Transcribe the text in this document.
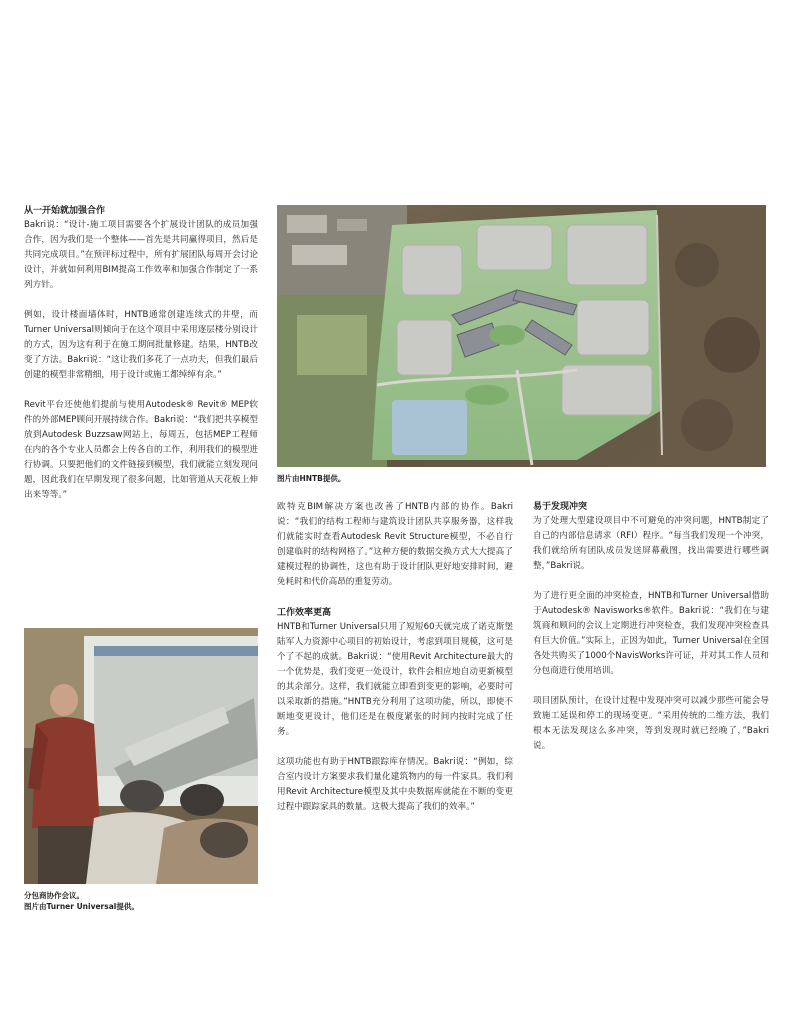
从一开始就加强合作

Bakri说：“设计-施工项目需要各个扩展设计团队的成员加强合作，因为我们是一个整体——首先是共同赢得项目，然后是共同完成项目。”在预评标过程中，所有扩展团队每周开会讨论设计，并就如何利用BIM提高工作效率和加强合作制定了一系列方针。

例如，设计楼面墙体时，HNTB通常创建连续式的井壁，而Turner Universal则倾向于在这个项目中采用逐层楼分别设计的方式，因为这有利于在施工期间批量修建。结果，HNTB改变了方法。Bakri说：“这让我们多花了一点功夫，但我们最后创建的模型非常精细，用于设计或施工都绰绰有余。”

Revit平台还使他们提前与使用Autodesk® Revit® MEP软件的外部MEP顾问开展持续合作。Bakri说：“我们把共享模型放到Autodesk Buzzsaw网站上，每周五，包括MEP工程师在内的各个专业人员都会上传各自的工作，利用我们的模型进行协调。只要把他们的文件链接到模型，我们就能立刻发现问题，因此我们在早期发现了很多问题，比如管道从天花板上伸出来等等。”

图片由HNTB提供。

分包商协作会议。

图片由Turner Universal提供。

欧特克BIM解决方案也改善了HNTB内部的协作。Bakri说：“我们的结构工程师与建筑设计团队共享服务器，这样我们就能实时查看Autodesk Revit Structure模型，不必自行创建临时的结构网格了。”这种方便的数据交换方式大大提高了建模过程的协调性，这也有助于设计团队更好地安排时间，避免耗时和代价高昂的重复劳动。

工作效率更高

HNTB和Turner Universal只用了短短60天就完成了诺克斯堡陆军人力资源中心项目的初始设计，考虑到项目规模，这可是个了不起的成就。Bakri说：“使用Revit Architecture最大的一个优势是，我们变更一处设计，软件会相应地自动更新模型的其余部分。这样，我们就能立即看到变更的影响，必要时可以采取新的措施。”HNTB充分利用了这项功能，所以，即使不断地变更设计，他们还是在极度紧张的时间内按时完成了任务。

这项功能也有助于HNTB跟踪库存情况。Bakri说：“例如，综合室内设计方案要求我们量化建筑物内的每一件家具。我们利用Revit Architecture模型及其中央数据库就能在不断的变更过程中跟踪家具的数量。这极大提高了我们的效率。”

易于发现冲突

为了处理大型建设项目中不可避免的冲突问题，HNTB制定了自己的内部信息请求（RFI）程序。“每当我们发现一个冲突，我们就给所有团队成员发送屏幕截图，找出需要进行哪些调整，”Bakri说。

为了进行更全面的冲突检查，HNTB和Turner Universal借助于Autodesk® Navisworks®软件。Bakri说：“我们在与建筑商和顾问的会议上定期进行冲突检查，我们发现冲突检查具有巨大价值。”实际上，正因为如此，Turner Universal在全国各处共购买了1000个NavisWorks许可证，并对其工作人员和分包商进行使用培训。

项目团队预计，在设计过程中发现冲突可以减少那些可能会导致施工延误和停工的现场变更。“采用传统的二维方法，我们根本无法发现这么多冲突，等到发现时就已经晚了，”Bakri说。
